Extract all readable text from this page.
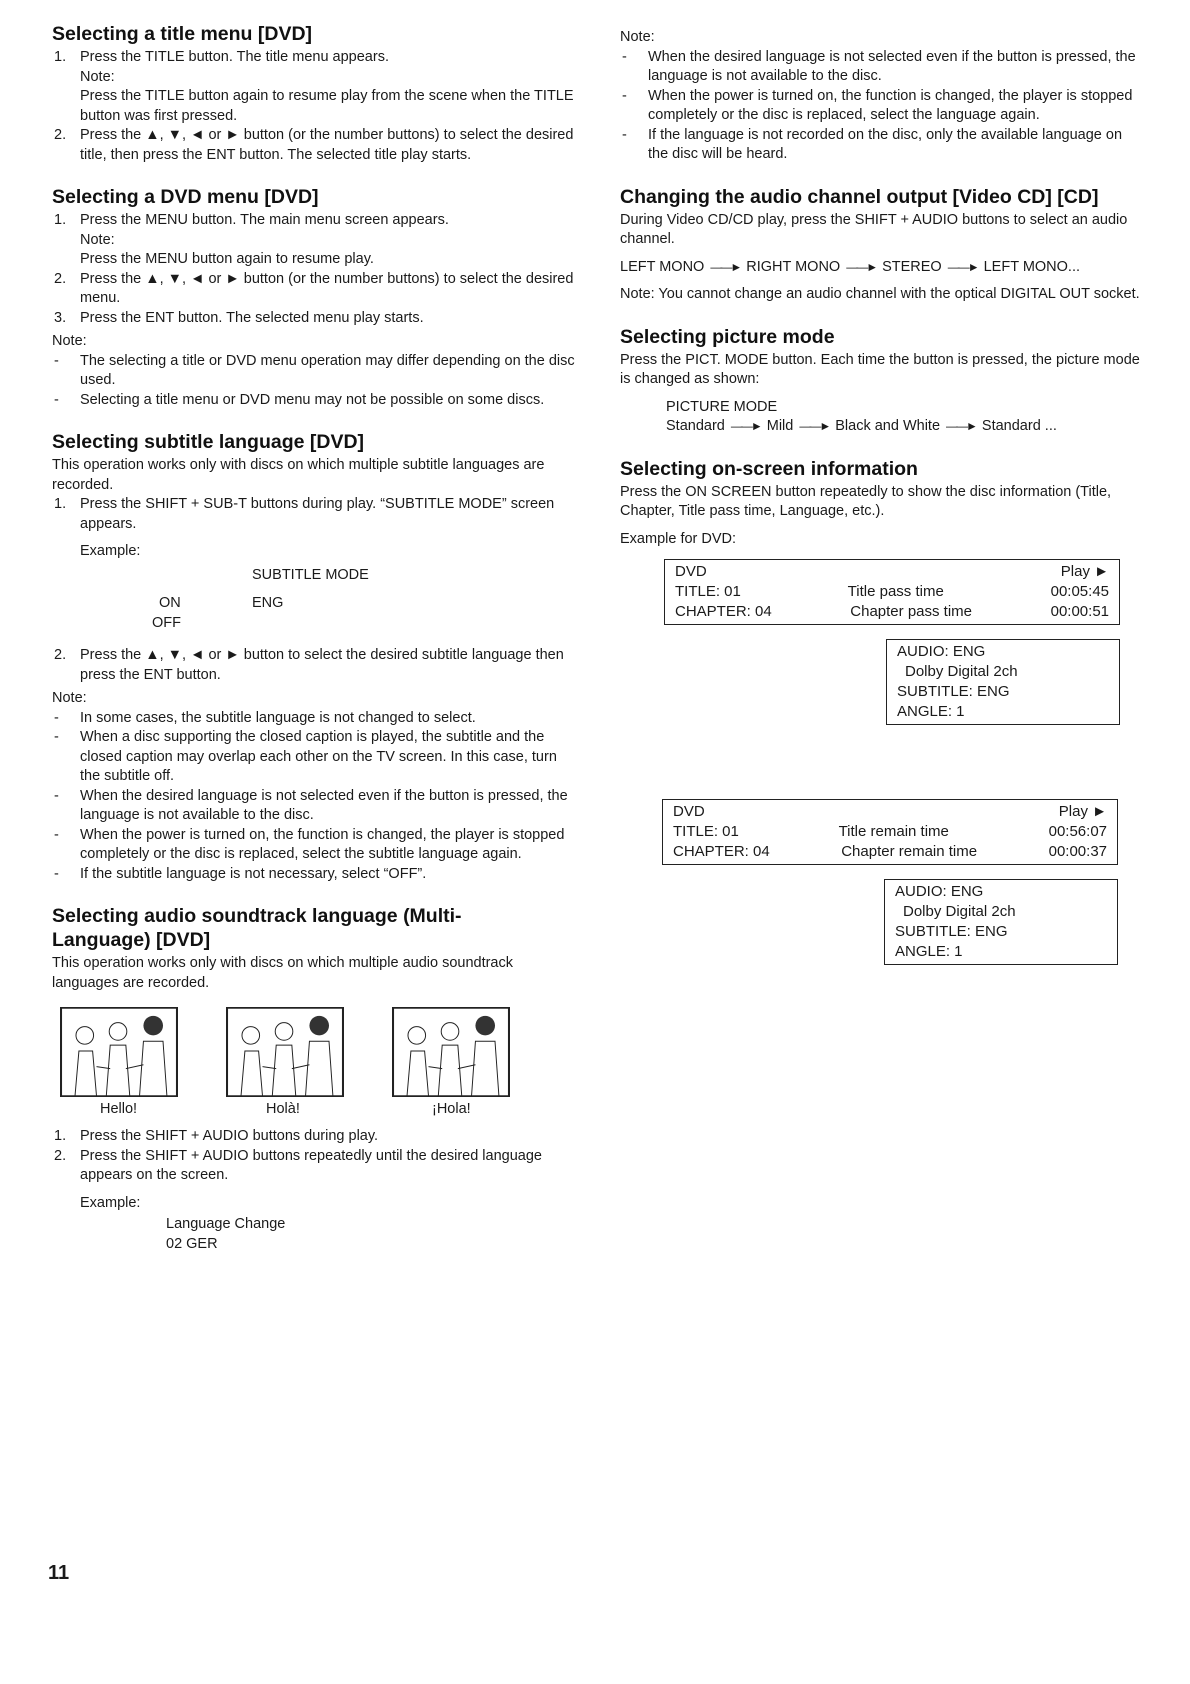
Selecting a title menu [DVD]
1. Press the TITLE button. The title menu appears.
Note:
Press the TITLE button again to resume play from the scene when the TITLE button was first pressed.
2. Press the ▲, ▼, ◄ or ► button (or the number buttons) to select the desired title, then press the ENT button. The selected title play starts.
Selecting a DVD menu [DVD]
1. Press the MENU button. The main menu screen appears.
Note:
Press the MENU button again to resume play.
2. Press the ▲, ▼, ◄ or ► button (or the number buttons) to select the desired menu.
3. Press the ENT button. The selected menu play starts.
Note:
- The selecting a title or DVD menu operation may differ depending on the disc used.
- Selecting a title menu or DVD menu may not be possible on some discs.
Selecting subtitle language [DVD]

This operation works only with discs on which multiple subtitle languages are recorded.

1. Press the SHIFT + SUB-T buttons during play. “SUBTITLE MODE” screen appears.
Example:
SUBTITLE MODE
ON	ENG
OFF
2. Press the ▲, ▼, ◄ or ► button to select the desired subtitle language then press the ENT button.
Note:
- In some cases, the subtitle language is not changed to select.
- When a disc supporting the closed caption is played, the subtitle and the closed caption may overlap each other on the TV screen. In this case, turn the subtitle off.
- When the desired language is not selected even if the button is pressed, the language is not available to the disc.
- When the power is turned on, the function is changed, the player is stopped completely or the disc is replaced, select the subtitle language again.
- If the subtitle language is not necessary, select “OFF”.
Selecting audio soundtrack language (Multi-Language) [DVD]

This operation works only with discs on which multiple audio soundtrack languages are recorded.

Hello!	Holà!	¡Hola!
1. Press the SHIFT + AUDIO buttons during play.
2. Press the SHIFT + AUDIO buttons repeatedly until the desired language appears on the screen.
Example:
Language Change
02 GER
Note:
- When the desired language is not selected even if the button is pressed, the language is not available to the disc.
- When the power is turned on, the function is changed, the player is stopped completely or the disc is replaced, select the language again.
- If the language is not recorded on the disc, only the available language on the disc will be heard.
Changing the audio channel output [Video CD] [CD]

During Video CD/CD play, press the SHIFT + AUDIO buttons to select an audio channel.

LEFT MONO ——► RIGHT MONO ——► STEREO ——► LEFT MONO...

Note: You cannot change an audio channel with the optical DIGITAL OUT socket.

Selecting picture mode

Press the PICT. MODE button. Each time the button is pressed, the picture mode is changed as shown:

PICTURE MODE

Standard ——► Mild ——► Black and White ——► Standard ...

Selecting on-screen information

Press the ON SCREEN button repeatedly to show the disc information (Title, Chapter, Title pass time, Language, etc.).

Example for DVD:

DVD	Play ►
TITLE: 01	Title pass time	00:05:45
CHAPTER: 04	Chapter pass time	00:00:51
AUDIO: ENG
Dolby Digital 2ch
SUBTITLE: ENG
ANGLE: 1
DVD	Play ►
TITLE: 01	Title remain time	00:56:07
CHAPTER: 04	Chapter remain time	00:00:37
AUDIO: ENG
Dolby Digital 2ch
SUBTITLE: ENG
ANGLE: 1
11
